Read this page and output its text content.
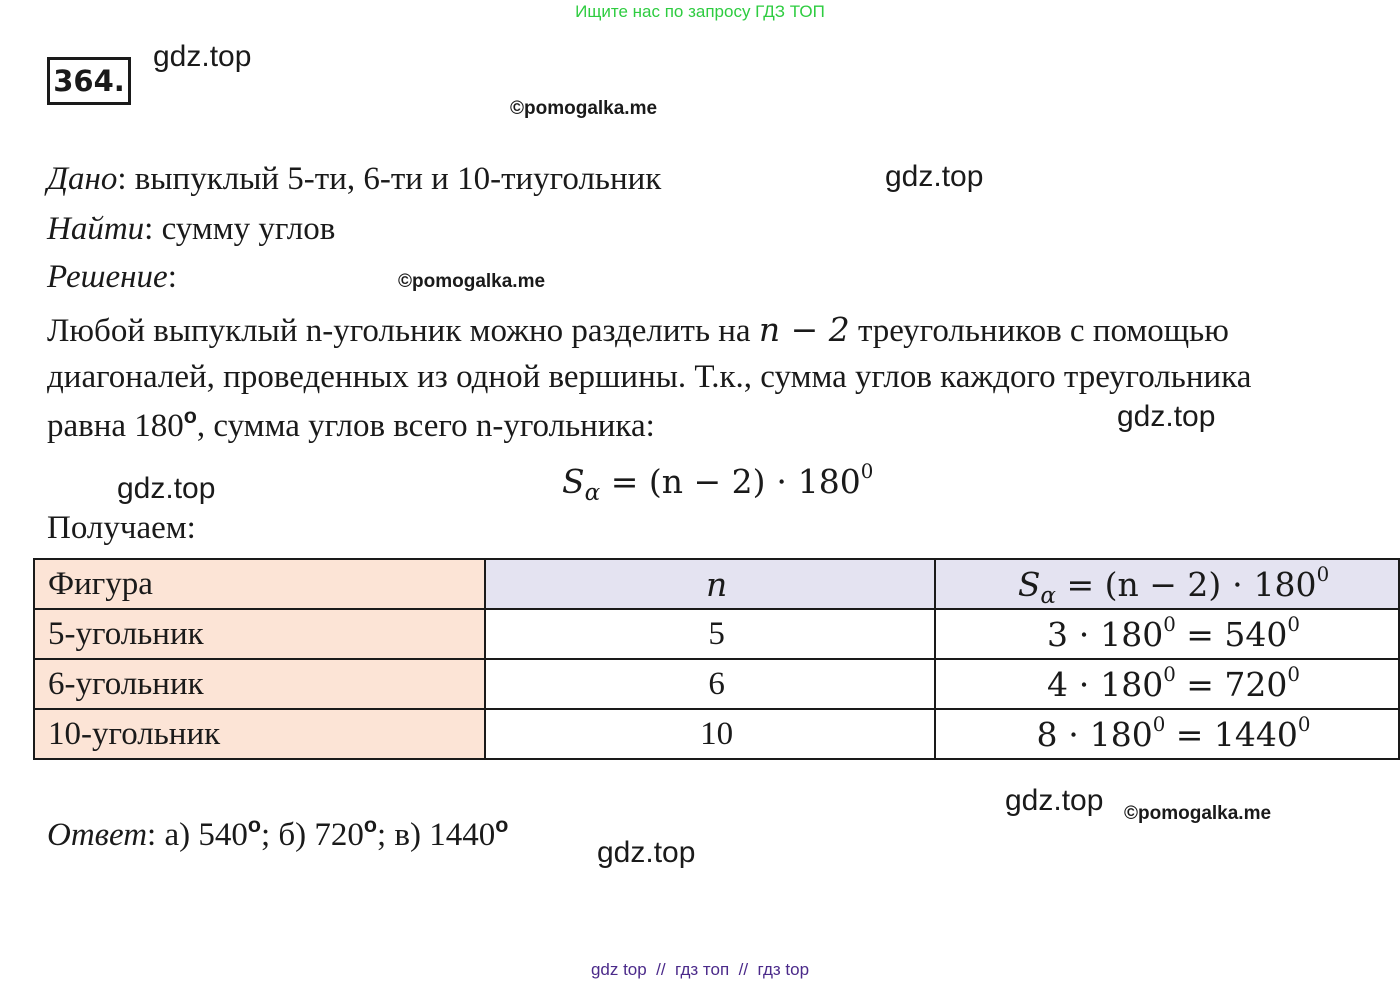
Ищите нас по запросу ГДЗ ТОП
364.
gdz.top
©pomogalka.me
gdz.top
©pomogalka.me
gdz.top
gdz.top
gdz.top ©pomogalka.me
gdz.top
Дано: выпуклый 5-ти, 6-ти и 10-тиугольник
Найти: сумму углов
Решение:
Любой выпуклый n-угольник можно разделить на n − 2 треугольников с помощью
диагоналей, проведенных из одной вершины. Т.к., сумма углов каждого треугольника
равна 180$^o$, сумма углов всего n-угольника:
$S_\alpha = (n - 2) \cdot 180^0$
Получаем:
Фигура	n	$S_\alpha = (n - 2) \cdot 180^0$
5-угольник	5	$3 \cdot 180^0 = 540^0$
6-угольник	6	$4 \cdot 180^0 = 720^0$
10-угольник	10	$8 \cdot 180^0 = 1440^0$
Ответ: а) 540$^o$; б) 720$^o$; в) 1440$^o$
gdz top  //  гдз топ  //  гдз top
